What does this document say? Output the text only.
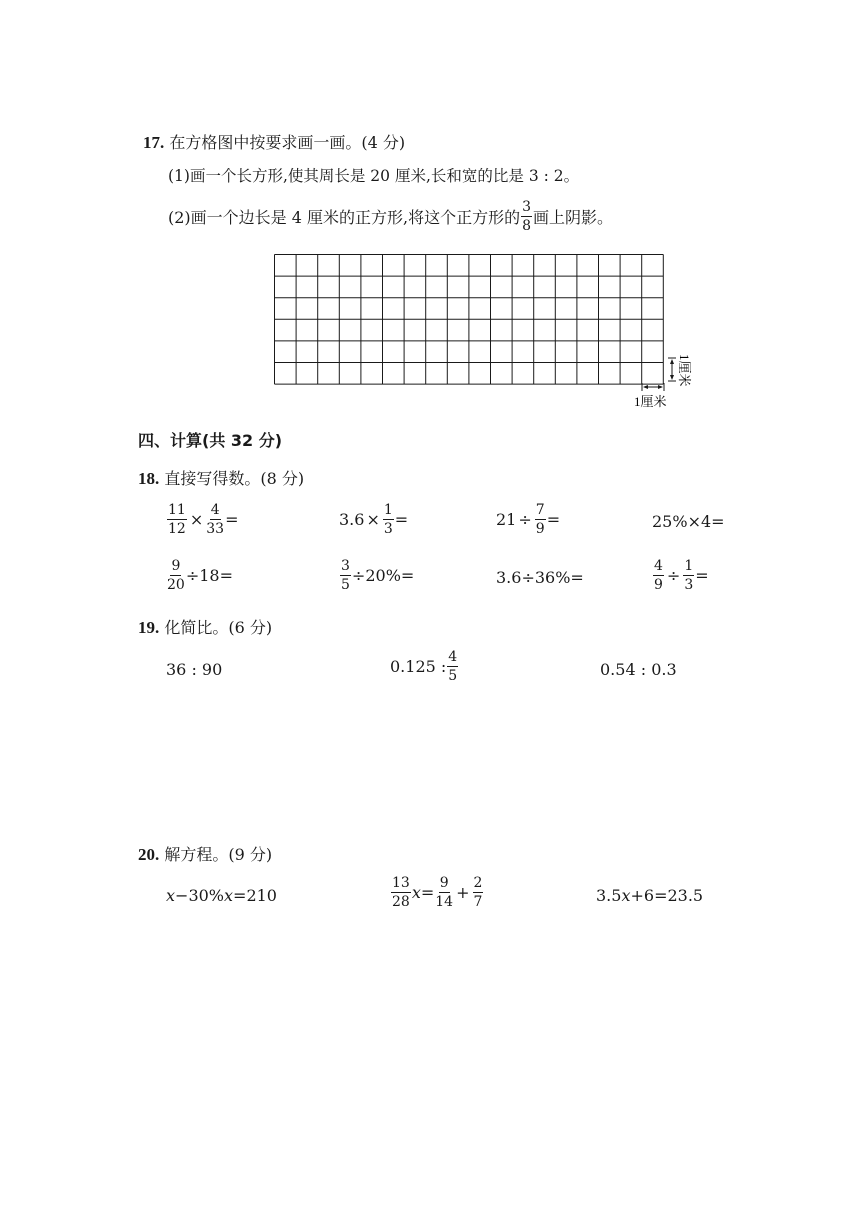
17. 在方格图中按要求画一画。(4 分)
(1)画一个长方形,使其周长是 20 厘米,长和宽的比是 3 : 2。
(2)画一个边长是 4 厘米的正方形,将这个正方形的 $\frac{3}{8}$ 画上阴影。
1厘米
1厘米
四、计算(共 32 分)
18. 直接写得数。(8 分)
$\frac{11}{12} \times \frac{4}{33}$ =	$3.6 \times \frac{1}{3}$ =	$21 \div \frac{7}{9}$ =	25%×4=
$\frac{9}{20} \div 18=$	$\frac{3}{5} \div 20\%=$	3.6÷36%=	$\frac{4}{9} \div \frac{1}{3}$ =
19. 化简比。(6 分)
36 : 90	0.125 : $\frac{4}{5}$	0.54 : 0.3
20. 解方程。(9 分)
x −30% x =210	$\frac{13}{28}$ $x = \frac{9}{14} + \frac{2}{7}$	3.5 x +6=23.5
